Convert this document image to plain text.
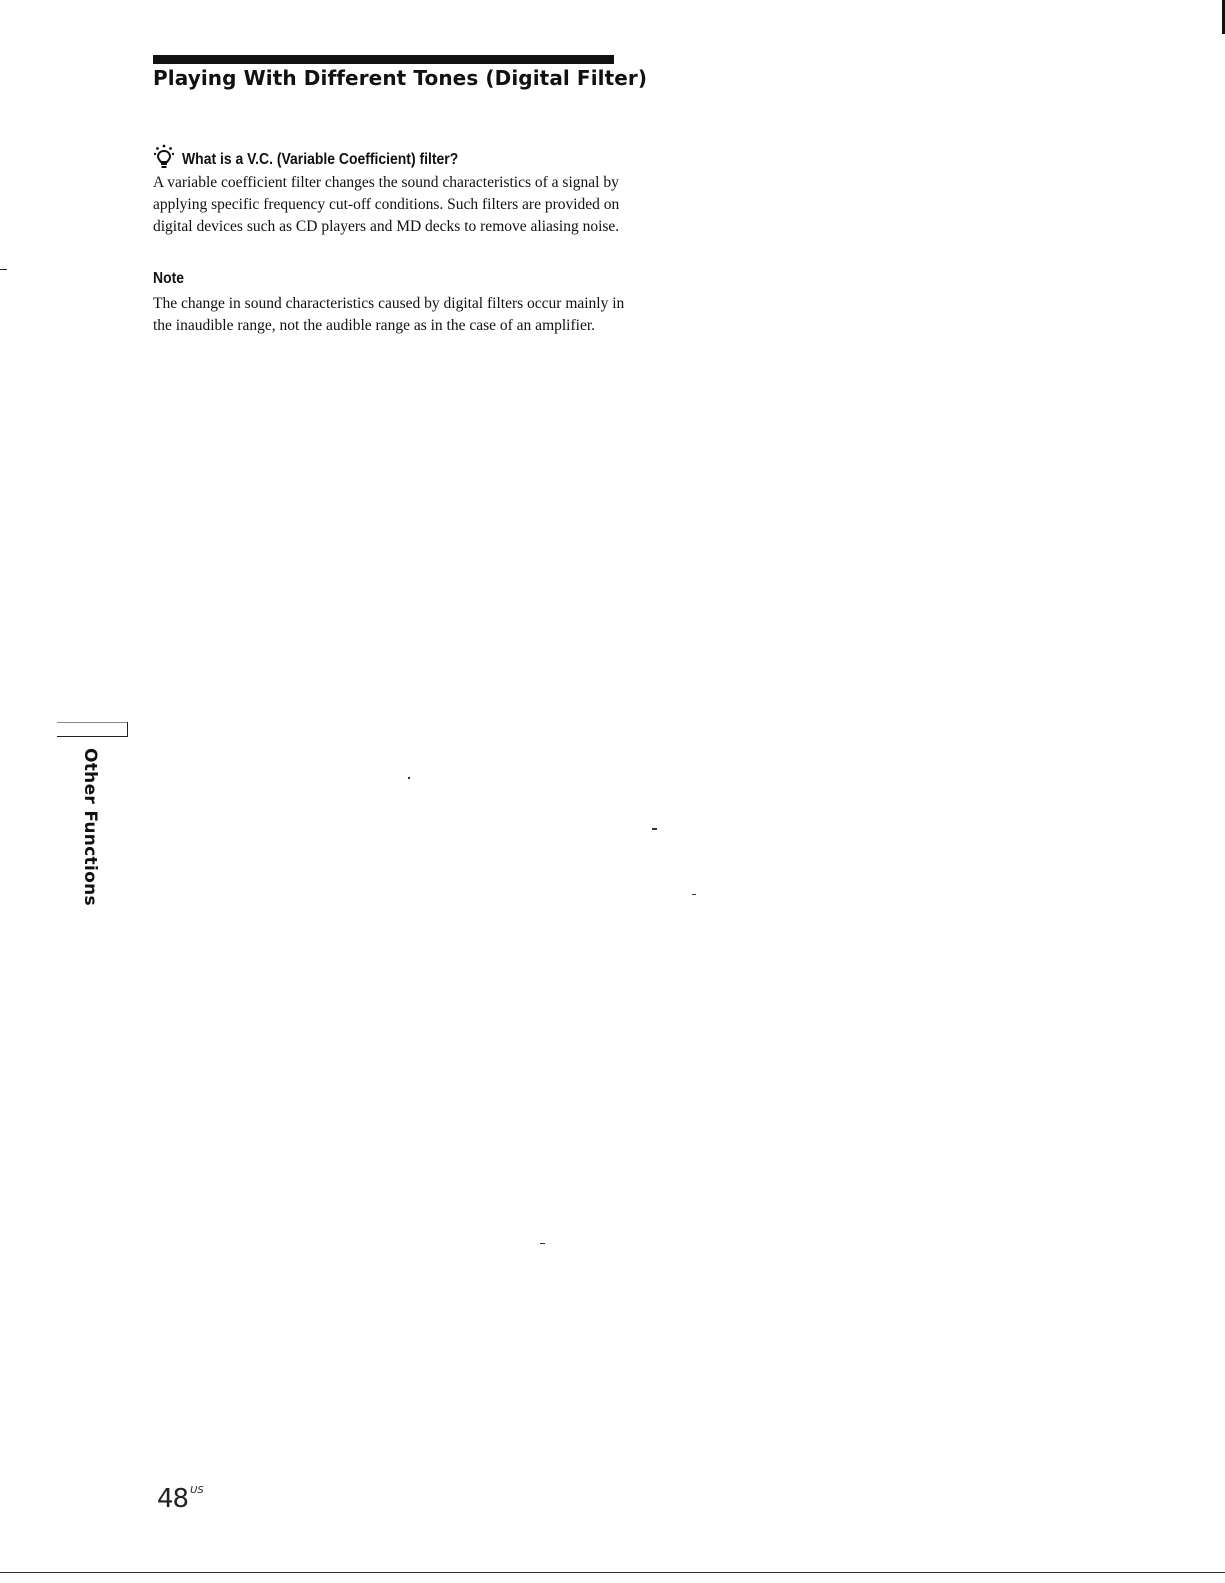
Playing With Different Tones (Digital Filter)
What is a V.C. (Variable Coefficient) filter?

A variable coefficient filter changes the sound characteristics of a signal by applying specific frequency cut-off conditions. Such filters are provided on digital devices such as CD players and MD decks to remove aliasing noise.

Note

The change in sound characteristics caused by digital filters occur mainly in the inaudible range, not the audible range as in the case of an amplifier.

Other Functions
48 $^{US}$
